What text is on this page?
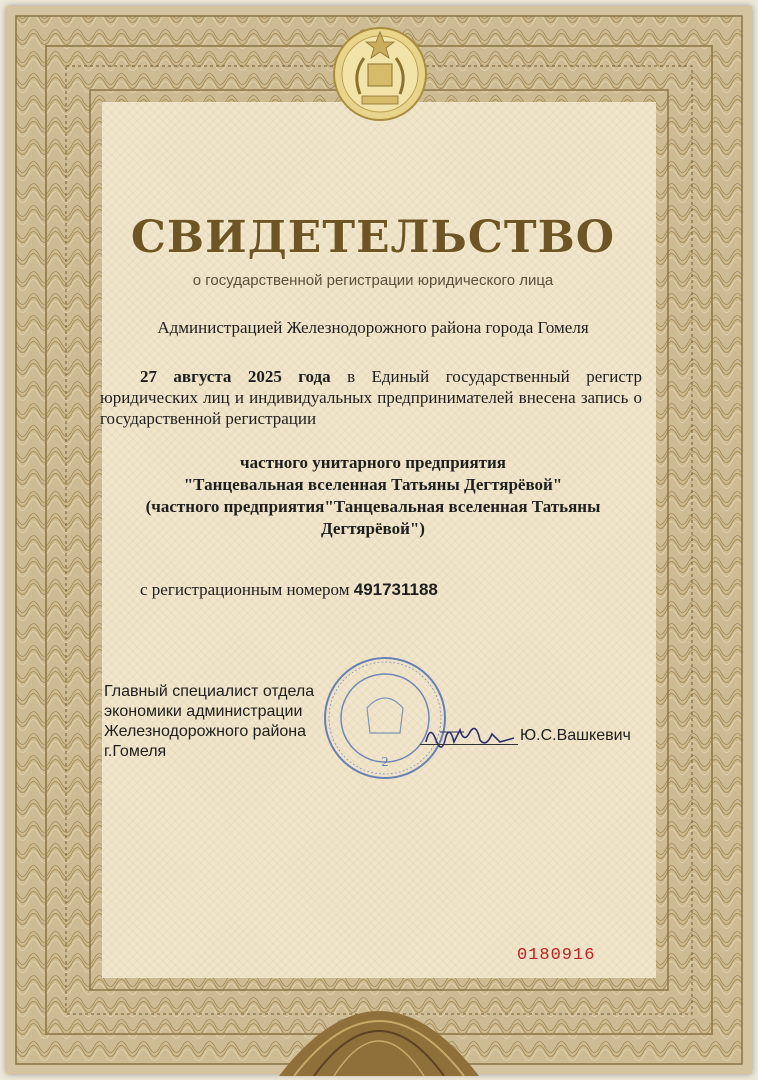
СВИДЕТЕЛЬСТВО
о государственной регистрации юридического лица
Администрацией Железнодорожного района города Гомеля
27 августа 2025 года в Единый государственный регистр юридических лиц и индивидуальных предпринимателей внесена запись о государственной регистрации
частного унитарного предприятия
"Танцевальная вселенная Татьяны Дегтярёвой"
(частного предприятия"Танцевальная вселенная Татьяны
Дегтярёвой")
с регистрационным номером 491731188
2
Главный специалист отдела
экономики администрации
Железнодорожного района
г.Гомеля
Ю.С.Вашкевич
0180916
